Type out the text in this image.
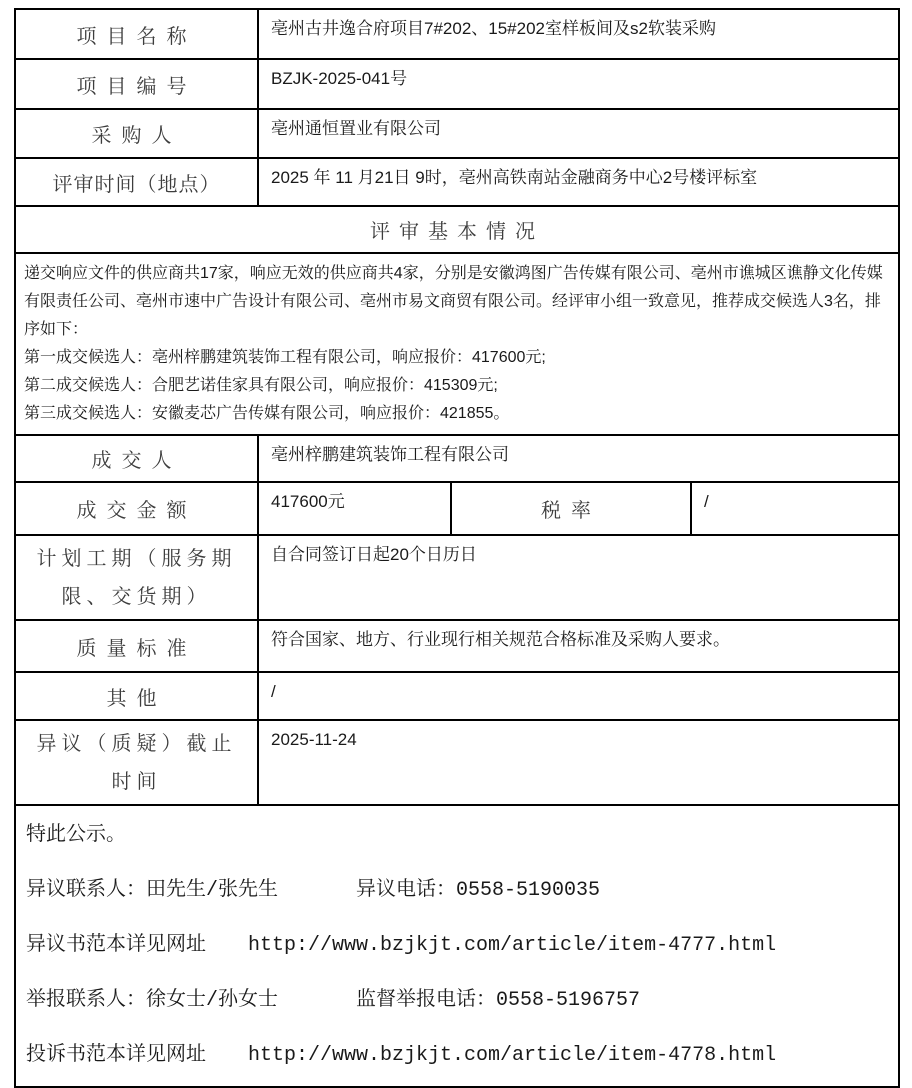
项目名称	亳州古井逸合府项目7#202、15#202室样板间及s2软装采购		
项目编号	BZJK-2025-041号		
采购人	亳州通恒置业有限公司		
评审时间（地点）	2025 年 11 月21日 9时，亳州高铁南站金融商务中心2号楼评标室		
评审基本情况			

递交响应文件的供应商共17家，响应无效的供应商共4家，分别是安徽鸿图广告传媒有限公司、亳州市谯城区谯静文化传媒有限责任公司、亳州市速中广告设计有限公司、亳州市易文商贸有限公司。经评审小组一致意见，推荐成交候选人3名，排序如下：

第一成交候选人：亳州梓鹏建筑装饰工程有限公司，响应报价：417600元;

第二成交候选人：合肥艺诺佳家具有限公司，响应报价：415309元;

第三成交候选人：安徽麦芯广告传媒有限公司，响应报价：421855。			

成交人	亳州梓鹏建筑装饰工程有限公司		
成交金额	417600元	税率	/
计划工期（服务期限、交货期）	自合同签订日起20个日历日		
质量标准	符合国家、地方、行业现行相关规范合格标准及采购人要求。		
其他	/		
异议（质疑）截止时间	2025-11-24		

特此公示。
异议联系人：田先生/张先生 异议电话：0558-5190035
异议书范本详见网址 http://www.bzjkjt.com/article/item-4777.html
举报联系人：徐女士/孙女士 监督举报电话：0558-5196757
投诉书范本详见网址 http://www.bzjkjt.com/article/item-4778.html			
